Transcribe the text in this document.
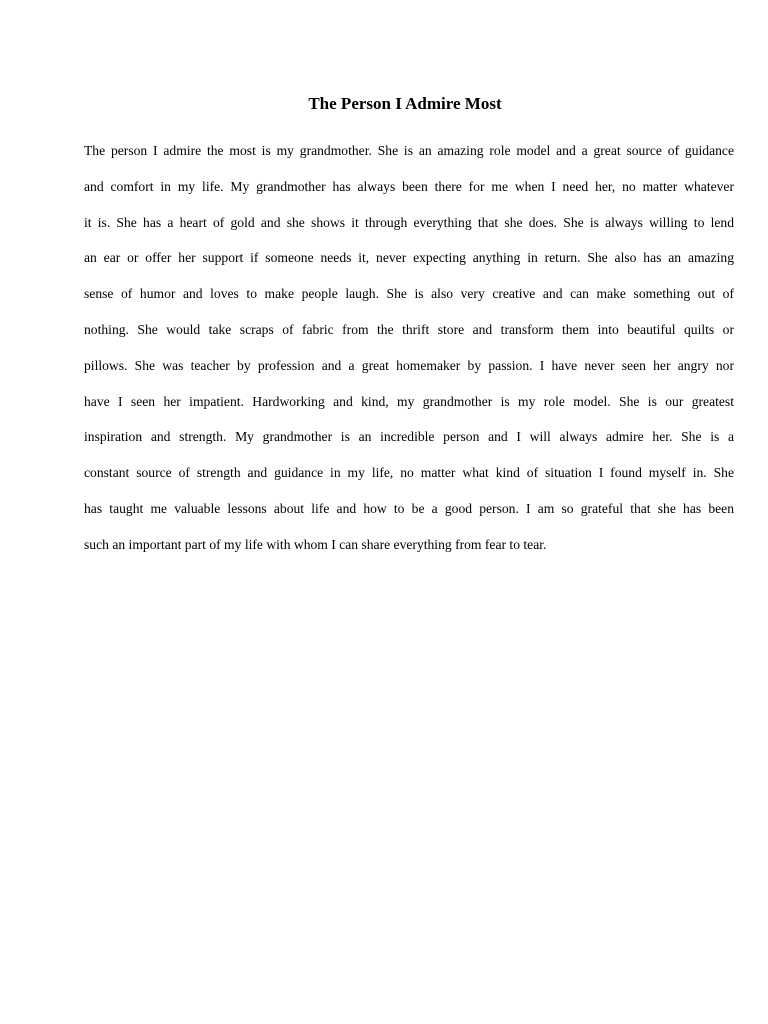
The Person I Admire Most
The person I admire the most is my grandmother. She is an amazing role model and a great source of guidance
and comfort in my life. My grandmother has always been there for me when I need her, no matter whatever
it is. She has a heart of gold and she shows it through everything that she does. She is always willing to lend
an ear or offer her support if someone needs it, never expecting anything in return. She also has an amazing
sense of humor and loves to make people laugh. She is also very creative and can make something out of
nothing. She would take scraps of fabric from the thrift store and transform them into beautiful quilts or
pillows. She was teacher by profession and a great homemaker by passion. I have never seen her angry nor
have I seen her impatient. Hardworking and kind, my grandmother is my role model. She is our greatest
inspiration and strength. My grandmother is an incredible person and I will always admire her. She is a
constant source of strength and guidance in my life, no matter what kind of situation I found myself in. She
has taught me valuable lessons about life and how to be a good person. I am so grateful that she has been
such an important part of my life with whom I can share everything from fear to tear.
